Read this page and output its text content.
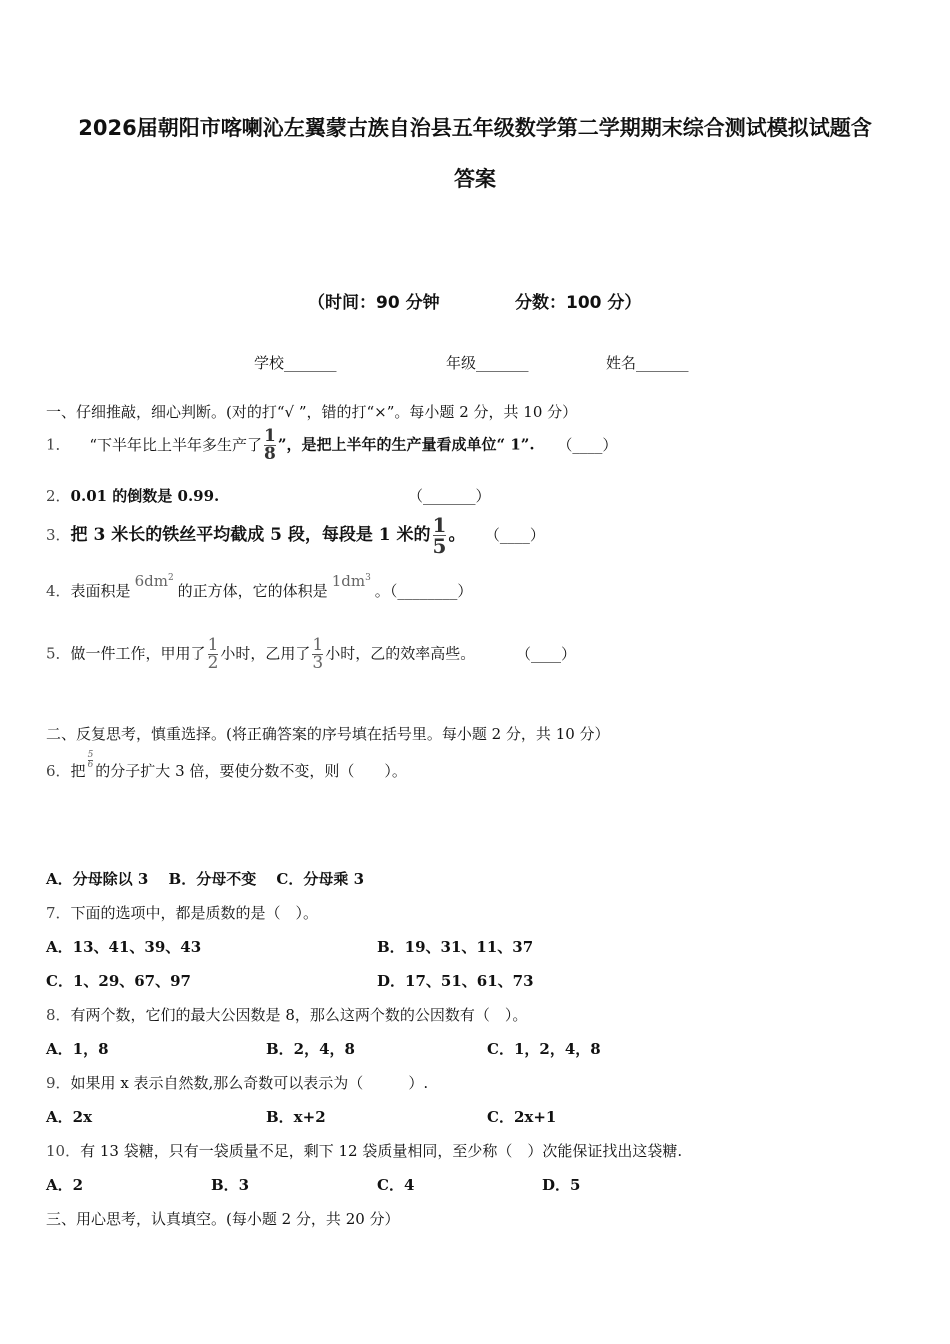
2026届朝阳市喀喇沁左翼蒙古族自治县五年级数学第二学期期末综合测试模拟试题含
答案
（时间：90 分钟	分数：100 分）
学校_______	年级_______	姓名_______
一、仔细推敲，细心判断。(对的打“√ ”，错的打“×”。每小题 2 分，共 10 分）
1． “下半年比上半年多生产了 $\frac{1}{8}$ ”，是把上半年的生产量看成单位“ 1”. （____）
2．0.01 的倒数是 0.99.	（_______）
3．把 3 米长的铁丝平均截成 5 段，每段是 1 米的 $\frac{1}{5}$ 。 （____）
4．表面积是$6dm^2$的正方体，它的体积是$1dm^3$。（________）
5．做一件工作，甲用了 $\frac{1}{2}$ 小时，乙用了 $\frac{1}{3}$ 小时，乙的效率高些。	（____）
二、反复思考，慎重选择。(将正确答案的序号填在括号里。每小题 2 分，共 10 分）
6．把
$\frac{5}{6}$
的分子扩大 3 倍，要使分数不变，则（　　）。
A．分母除以 3　 B．分母不变　 C．分母乘 3
7．下面的选项中，都是质数的是（　）。
A．13、41、39、43	B．19、31、11、37
C．1、29、67、97	D．17、51、61、73
8．有两个数，它们的最大公因数是 8，那么这两个数的公因数有（　）。
A．1，8	B．2，4，8	C．1，2，4，8
9．如果用 x 表示自然数,那么奇数可以表示为（　　　）.
A．2x	B．x+2	C．2x+1
10．有 13 袋糖，只有一袋质量不足，剩下 12 袋质量相同，至少称（　）次能保证找出这袋糖.
A．2	B．3	C．4	D．5
三、用心思考，认真填空。(每小题 2 分，共 20 分）
